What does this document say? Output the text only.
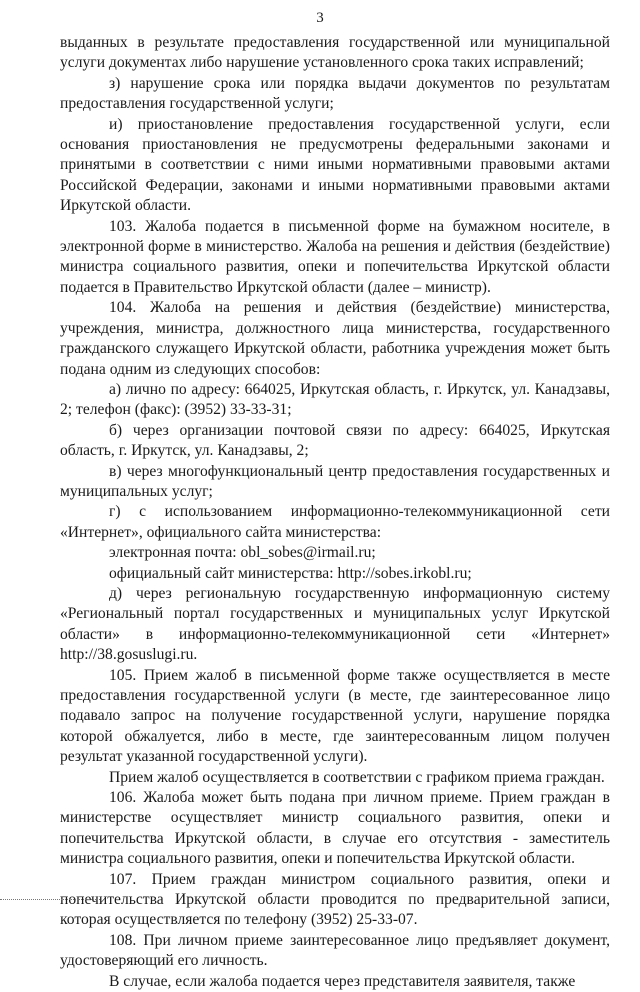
3

выданных в результате предоставления государственной или муниципальной услуги документах либо нарушение установленного срока таких исправлений;

з) нарушение срока или порядка выдачи документов по результатам предоставления государственной услуги;

и) приостановление предоставления государственной услуги, если основания приостановления не предусмотрены федеральными законами и принятыми в соответствии с ними иными нормативными правовыми актами Российской Федерации, законами и иными нормативными правовыми актами Иркутской области.

103. Жалоба подается в письменной форме на бумажном носителе, в электронной форме в министерство. Жалоба на решения и действия (бездействие) министра социального развития, опеки и попечительства Иркутской области подается в Правительство Иркутской области (далее – министр).

104. Жалоба на решения и действия (бездействие) министерства, учреждения, министра, должностного лица министерства, государственного гражданского служащего Иркутской области, работника учреждения может быть подана одним из следующих способов:

а) лично по адресу: 664025, Иркутская область, г. Иркутск, ул. Канадзавы, 2; телефон (факс): (3952) 33-33-31;

б) через организации почтовой связи по адресу: 664025, Иркутская область, г. Иркутск, ул. Канадзавы, 2;

в) через многофункциональный центр предоставления государственных и муниципальных услуг;

г) с использованием информационно-телекоммуникационной сети «Интернет», официального сайта министерства:

электронная почта: obl_sobes@irmail.ru;

официальный сайт министерства: http://sobes.irkobl.ru;

д) через региональную государственную информационную систему «Региональный портал государственных и муниципальных услуг Иркутской области» в информационно-телекоммуникационной сети «Интернет» http://38.gosuslugi.ru.

105. Прием жалоб в письменной форме также осуществляется в месте предоставления государственной услуги (в месте, где заинтересованное лицо подавало запрос на получение государственной услуги, нарушение порядка которой обжалуется, либо в месте, где заинтересованным лицом получен результат указанной государственной услуги).

Прием жалоб осуществляется в соответствии с графиком приема граждан.

106. Жалоба может быть подана при личном приеме. Прием граждан в министерстве осуществляет министр социального развития, опеки и попечительства Иркутской области, в случае его отсутствия - заместитель министра социального развития, опеки и попечительства Иркутской области.

107. Прием граждан министром социального развития, опеки и попечительства Иркутской области проводится по предварительной записи, которая осуществляется по телефону (3952) 25-33-07.

108. При личном приеме заинтересованное лицо предъявляет документ, удостоверяющий его личность.

В случае, если жалоба подается через представителя заявителя, также
